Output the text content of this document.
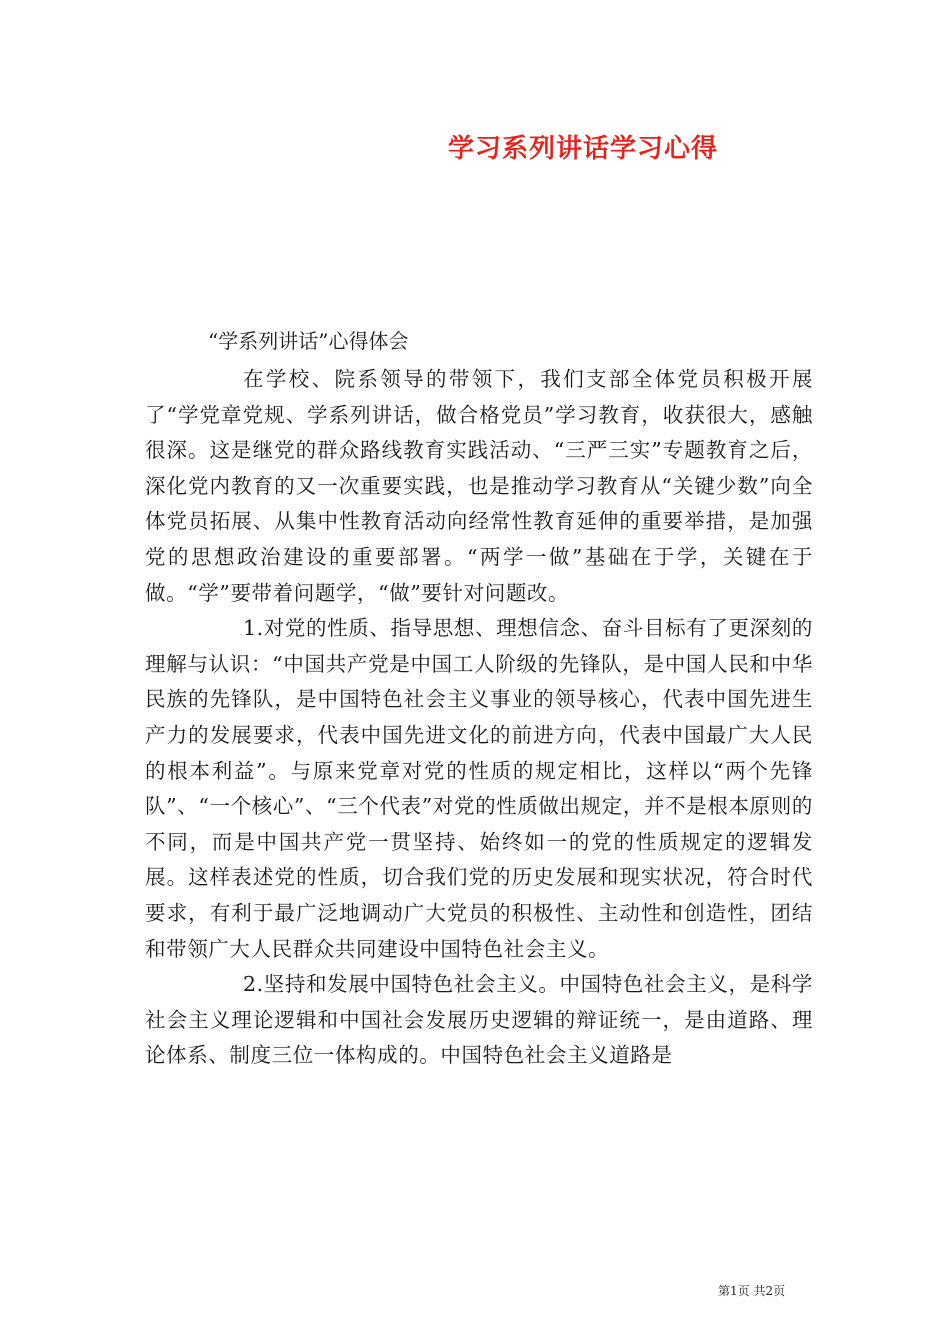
学习系列讲话学习心得
“学系列讲话”心得体会

在学校、院系领导的带领下，我们支部全体党员积极开展了“学党章党规、学系列讲话，做合格党员”学习教育，收获很大，感触很深。这是继党的群众路线教育实践活动、“三严三实”专题教育之后，深化党内教育的又一次重要实践，也是推动学习教育从“关键少数”向全体党员拓展、从集中性教育活动向经常性教育延伸的重要举措，是加强党的思想政治建设的重要部署。“两学一做”基础在于学，关键在于做。“学”要带着问题学，“做”要针对问题改。

1.对党的性质、指导思想、理想信念、奋斗目标有了更深刻的理解与认识：“中国共产党是中国工人阶级的先锋队，是中国人民和中华民族的先锋队，是中国特色社会主义事业的领导核心，代表中国先进生产力的发展要求，代表中国先进文化的前进方向，代表中国最广大人民的根本利益”。与原来党章对党的性质的规定相比，这样以“两个先锋队”、“一个核心”、“三个代表”对党的性质做出规定，并不是根本原则的不同，而是中国共产党一贯坚持、始终如一的党的性质规定的逻辑发展。这样表述党的性质，切合我们党的历史发展和现实状况，符合时代要求，有利于最广泛地调动广大党员的积极性、主动性和创造性，团结和带领广大人民群众共同建设中国特色社会主义。

2.坚持和发展中国特色社会主义。中国特色社会主义，是科学社会主义理论逻辑和中国社会发展历史逻辑的辩证统一，是由道路、理论体系、制度三位一体构成的。中国特色社会主义道路是

第1页 共2页
